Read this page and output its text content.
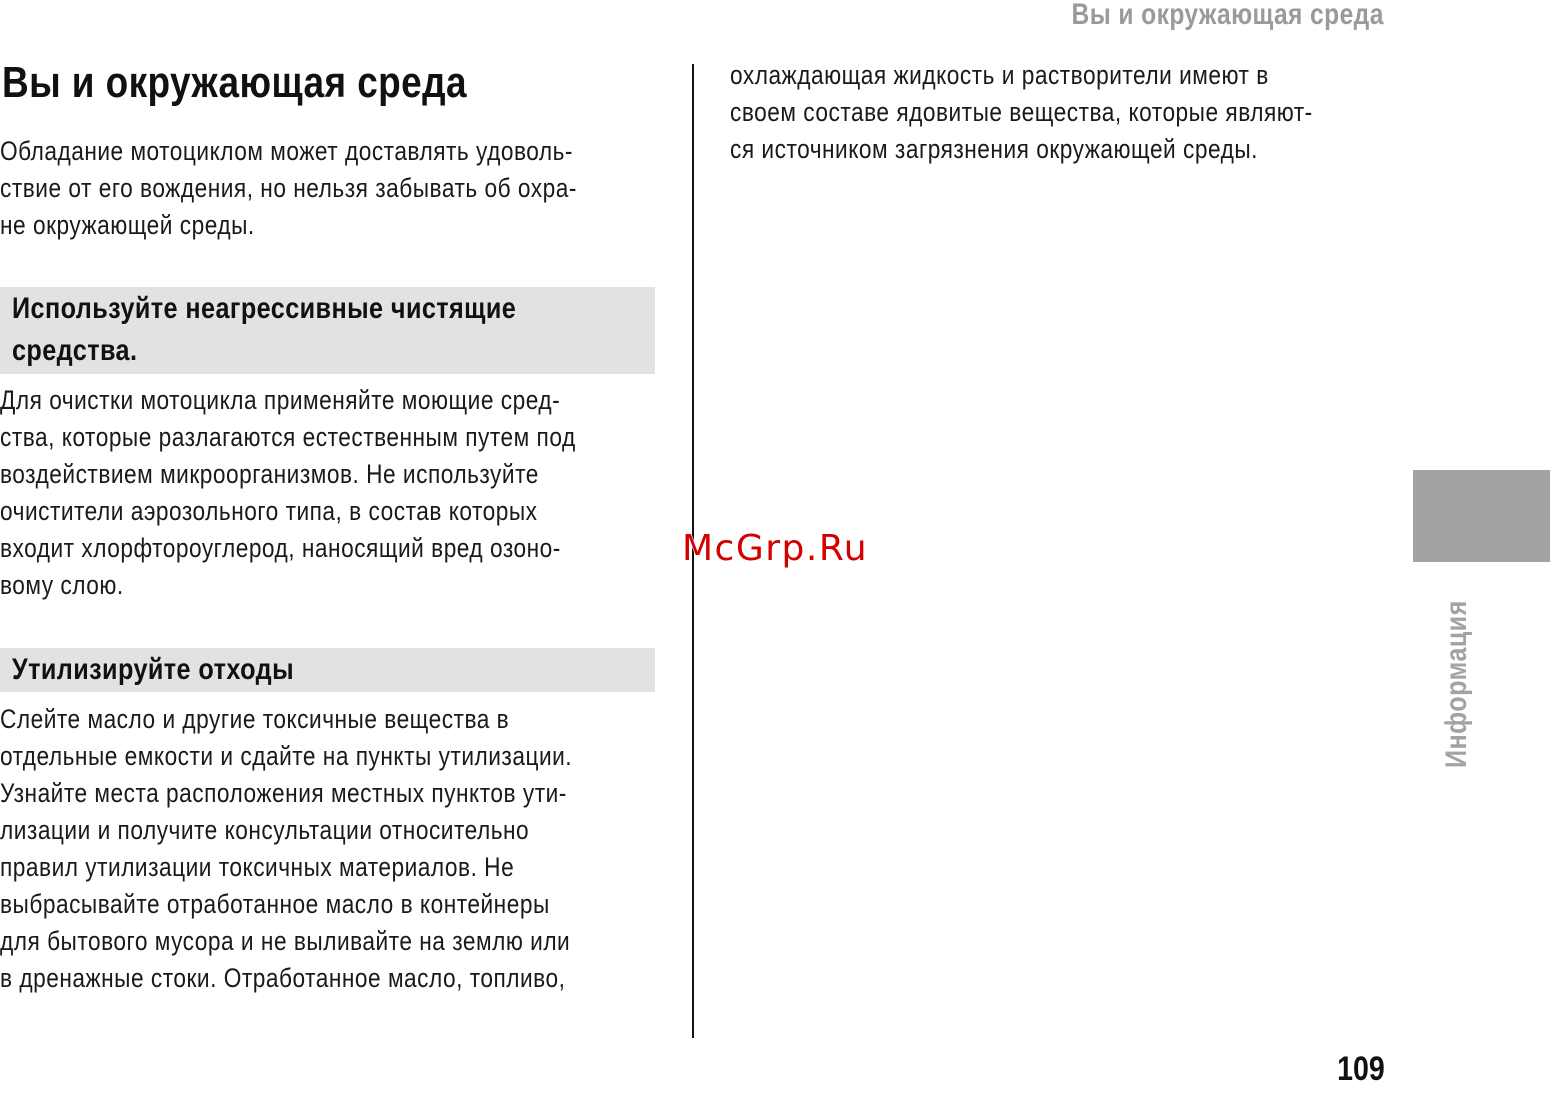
Вы и окружающая среда
Вы и окружающая среда
Обладание мотоциклом может доставлять удоволь-
ствие от его вождения, но нельзя забывать об охра-
не окружающей среды.
Используйте неагрессивные чистящие
средства.
Для очистки мотоцикла применяйте моющие сред-
ства, которые разлагаются естественным путем под
воздействием микроорганизмов. Не используйте
очистители аэрозольного типа, в состав которых
входит хлорфтороуглерод, наносящий вред озоно-
вому слою.
Утилизируйте отходы
Слейте масло и другие токсичные вещества в
отдельные емкости и сдайте на пункты утилизации.
Узнайте места расположения местных пунктов ути-
лизации и получите консультации относительно
правил утилизации токсичных материалов. Не
выбрасывайте отработанное масло в контейнеры
для бытового мусора и не выливайте на землю или
в дренажные стоки. Отработанное масло, топливо,
охлаждающая жидкость и растворители имеют в
своем составе ядовитые вещества, которые являют-
ся источником загрязнения окружающей среды.
Информация
McGrp.Ru
109
